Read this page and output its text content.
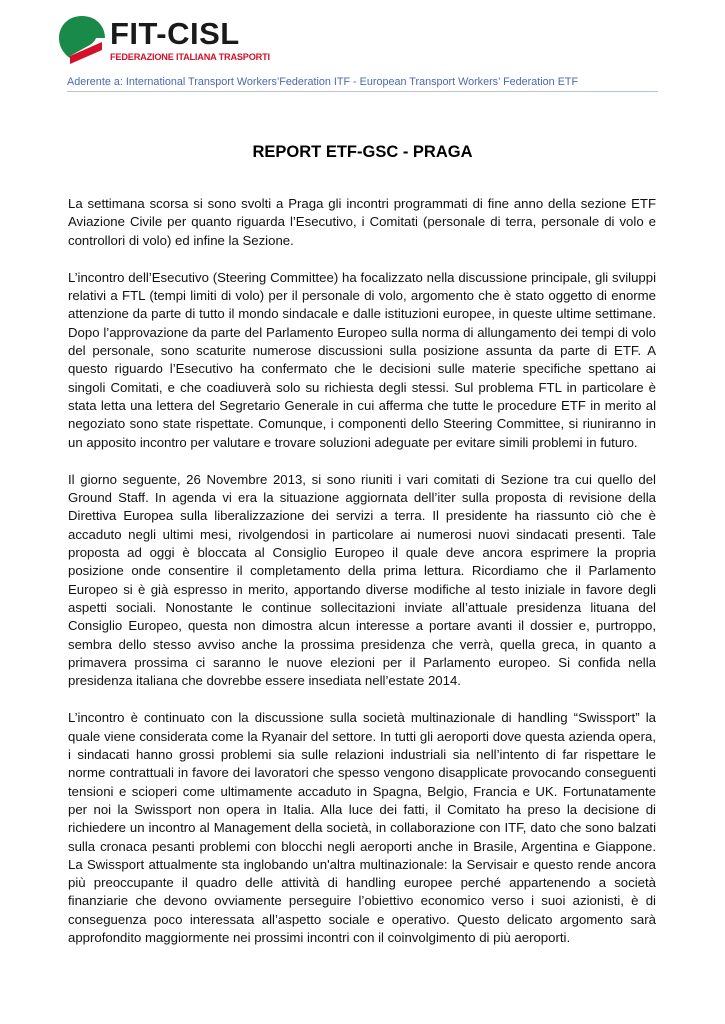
FIT-CISL
FEDERAZIONE ITALIANA TRASPORTI
Aderente a: International Transport Workers’Federation ITF - European Transport Workers’ Federation ETF
REPORT ETF-GSC - PRAGA

La settimana scorsa si sono svolti a Praga gli incontri programmati di fine anno della sezione ETF Aviazione Civile per quanto riguarda l’Esecutivo, i Comitati (personale di terra, personale di volo e controllori di volo) ed infine la Sezione.

L’incontro dell’Esecutivo (Steering Committee) ha focalizzato nella discussione principale, gli sviluppi relativi a FTL (tempi limiti di volo) per il personale di volo, argomento che è stato oggetto di enorme attenzione da parte di tutto il mondo sindacale e dalle istituzioni europee, in queste ultime settimane. Dopo l’approvazione da parte del Parlamento Europeo sulla norma di allungamento dei tempi di volo del personale, sono scaturite numerose discussioni sulla posizione assunta da parte di ETF. A questo riguardo l’Esecutivo ha confermato che le decisioni sulle materie specifiche spettano ai singoli Comitati, e che coadiuverà solo su richiesta degli stessi. Sul problema FTL in particolare è stata letta una lettera del Segretario Generale in cui afferma che tutte le procedure ETF in merito al negoziato sono state rispettate. Comunque, i componenti dello Steering Committee, si riuniranno in un apposito incontro per valutare e trovare soluzioni adeguate per evitare simili problemi in futuro.

Il giorno seguente, 26 Novembre 2013, si sono riuniti i vari comitati di Sezione tra cui quello del Ground Staff. In agenda vi era la situazione aggiornata dell’iter sulla proposta di revisione della Direttiva Europea sulla liberalizzazione dei servizi a terra. Il presidente ha riassunto ciò che è accaduto negli ultimi mesi, rivolgendosi in particolare ai numerosi nuovi sindacati presenti. Tale proposta ad oggi è bloccata al Consiglio Europeo il quale deve ancora esprimere la propria posizione onde consentire il completamento della prima lettura. Ricordiamo che il Parlamento Europeo si è già espresso in merito, apportando diverse modifiche al testo iniziale in favore degli aspetti sociali. Nonostante le continue sollecitazioni inviate all’attuale presidenza lituana del Consiglio Europeo, questa non dimostra alcun interesse a portare avanti il dossier e, purtroppo, sembra dello stesso avviso anche la prossima presidenza che verrà, quella greca, in quanto a primavera prossima ci saranno le nuove elezioni per il Parlamento europeo. Si confida nella presidenza italiana che dovrebbe essere insediata nell’estate 2014.

L’incontro è continuato con la discussione sulla società multinazionale di handling “Swissport” la quale viene considerata come la Ryanair del settore. In tutti gli aeroporti dove questa azienda opera, i sindacati hanno grossi problemi sia sulle relazioni industriali sia nell’intento di far rispettare le norme contrattuali in favore dei lavoratori che spesso vengono disapplicate provocando conseguenti tensioni e scioperi come ultimamente accaduto in Spagna, Belgio, Francia e UK. Fortunatamente per noi la Swissport non opera in Italia. Alla luce dei fatti, il Comitato ha preso la decisione di richiedere un incontro al Management della società, in collaborazione con ITF, dato che sono balzati sulla cronaca pesanti problemi con blocchi negli aeroporti anche in Brasile, Argentina e Giappone. La Swissport attualmente sta inglobando un'altra multinazionale: la Servisair e questo rende ancora più preoccupante il quadro delle attività di handling europee perché appartenendo a società finanziarie che devono ovviamente perseguire l’obiettivo economico verso i suoi azionisti, è di conseguenza poco interessata all’aspetto sociale e operativo. Questo delicato argomento sarà approfondito maggiormente nei prossimi incontri con il coinvolgimento di più aeroporti.
